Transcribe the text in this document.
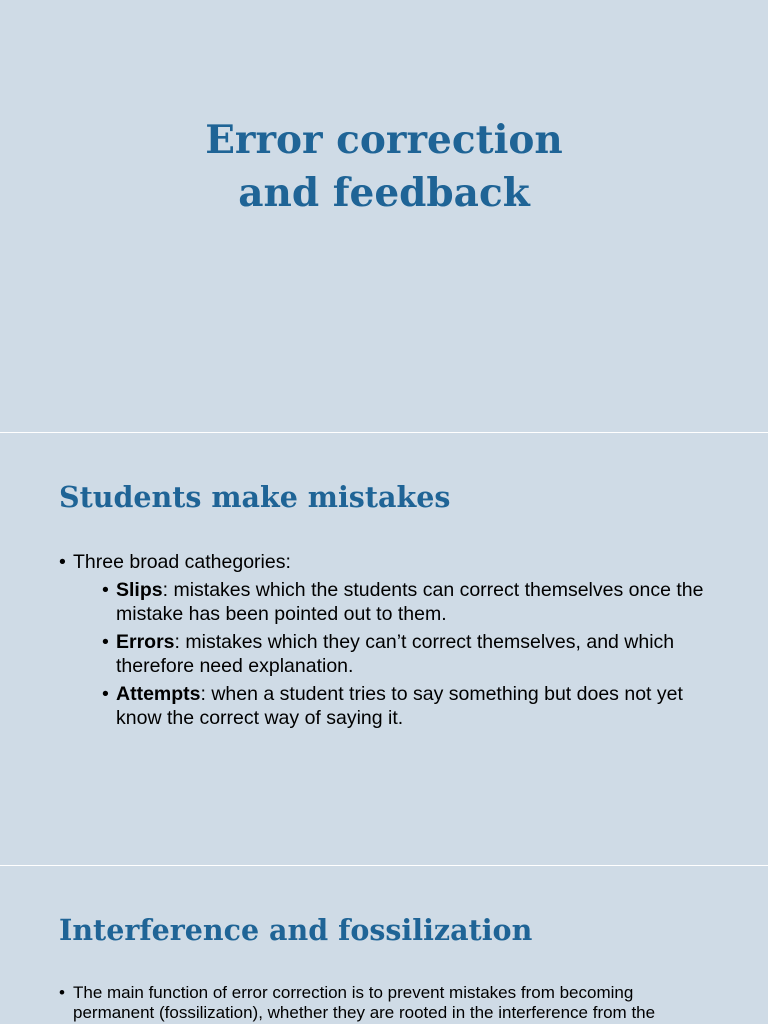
Error correction
and feedback
Students make mistakes
• Three broad cathegories:
• Slips: mistakes which the students can correct themselves once the mistake has been pointed out to them.
• Errors: mistakes which they can’t correct themselves, and which therefore need explanation.
• Attempts: when a student tries to say something but does not yet know the correct way of saying it.
Interference and fossilization
• The main function of error correction is to prevent mistakes from becoming permanent (fossilization), whether they are rooted in the interference from the
